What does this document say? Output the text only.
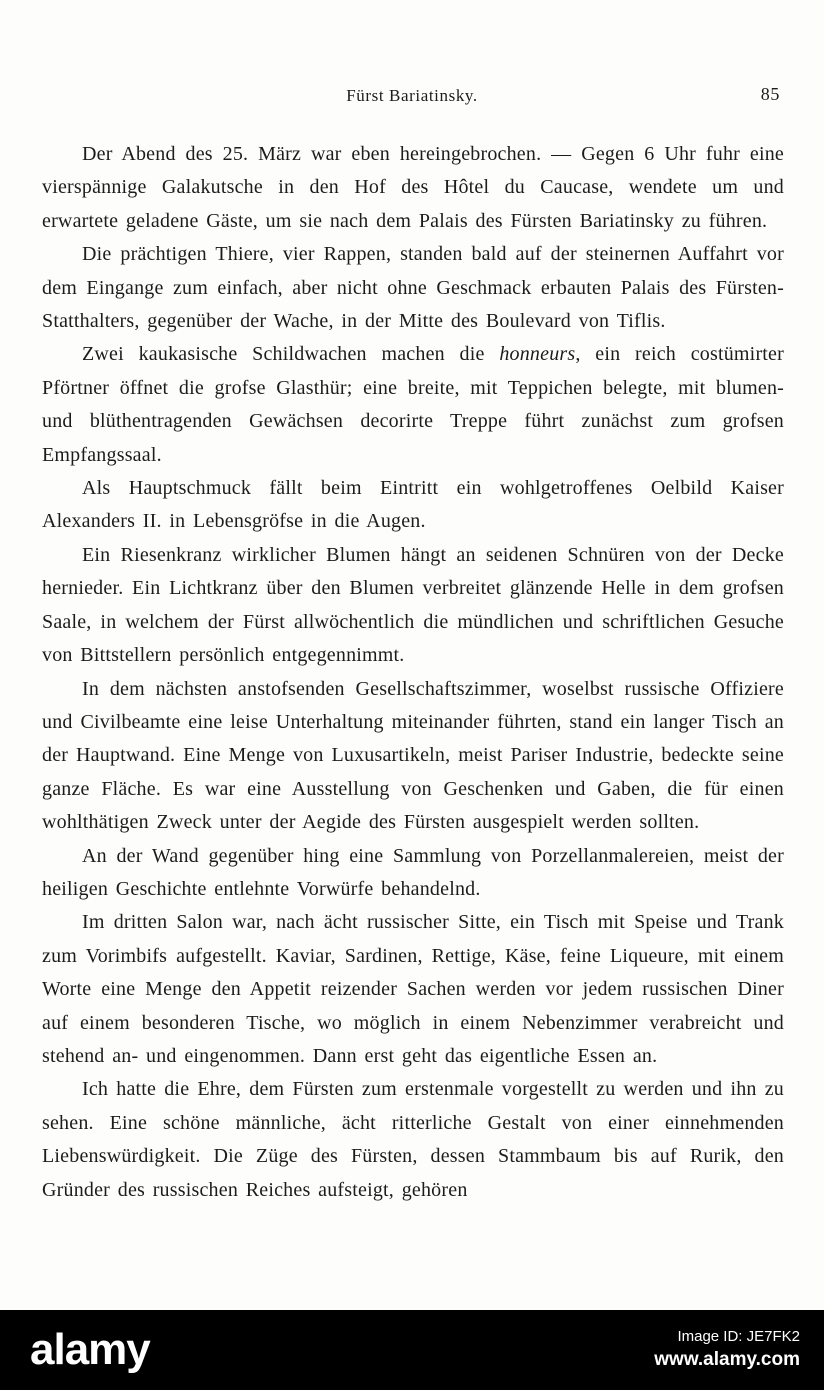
Fürst Bariatinsky.	85

Der Abend des 25. März war eben hereingebrochen. — Gegen 6 Uhr fuhr eine vierspännige Galakutsche in den Hof des Hôtel du Caucase, wendete um und erwartete geladene Gäste, um sie nach dem Palais des Fürsten Bariatinsky zu führen.

Die prächtigen Thiere, vier Rappen, standen bald auf der steinernen Auffahrt vor dem Eingange zum einfach, aber nicht ohne Geschmack erbauten Palais des Fürsten-Statthalters, gegenüber der Wache, in der Mitte des Boulevard von Tiflis.

Zwei kaukasische Schildwachen machen die honneurs, ein reich costümirter Pförtner öffnet die grofse Glasthür; eine breite, mit Teppichen belegte, mit blumen- und blüthentragenden Gewächsen decorirte Treppe führt zunächst zum grofsen Empfangssaal.

Als Hauptschmuck fällt beim Eintritt ein wohlgetroffenes Oelbild Kaiser Alexanders II. in Lebensgröfse in die Augen.

Ein Riesenkranz wirklicher Blumen hängt an seidenen Schnüren von der Decke hernieder. Ein Lichtkranz über den Blumen verbreitet glänzende Helle in dem grofsen Saale, in welchem der Fürst allwöchentlich die mündlichen und schriftlichen Gesuche von Bittstellern persönlich entgegennimmt.

In dem nächsten anstofsenden Gesellschaftszimmer, woselbst russische Offiziere und Civilbeamte eine leise Unterhaltung miteinander führten, stand ein langer Tisch an der Hauptwand. Eine Menge von Luxusartikeln, meist Pariser Industrie, bedeckte seine ganze Fläche. Es war eine Ausstellung von Geschenken und Gaben, die für einen wohlthätigen Zweck unter der Aegide des Fürsten ausgespielt werden sollten.

An der Wand gegenüber hing eine Sammlung von Porzellanmalereien, meist der heiligen Geschichte entlehnte Vorwürfe behandelnd.

Im dritten Salon war, nach ächt russischer Sitte, ein Tisch mit Speise und Trank zum Vorimbifs aufgestellt. Kaviar, Sardinen, Rettige, Käse, feine Liqueure, mit einem Worte eine Menge den Appetit reizender Sachen werden vor jedem russischen Diner auf einem besonderen Tische, wo möglich in einem Nebenzimmer verabreicht und stehend an- und eingenommen. Dann erst geht das eigentliche Essen an.

Ich hatte die Ehre, dem Fürsten zum erstenmale vorgestellt zu werden und ihn zu sehen. Eine schöne männliche, ächt ritterliche Gestalt von einer einnehmenden Liebenswürdigkeit. Die Züge des Fürsten, dessen Stammbaum bis auf Rurik, den Gründer des russischen Reiches aufsteigt, gehören

alamy	Image ID: JE7FK2
www.alamy.com
